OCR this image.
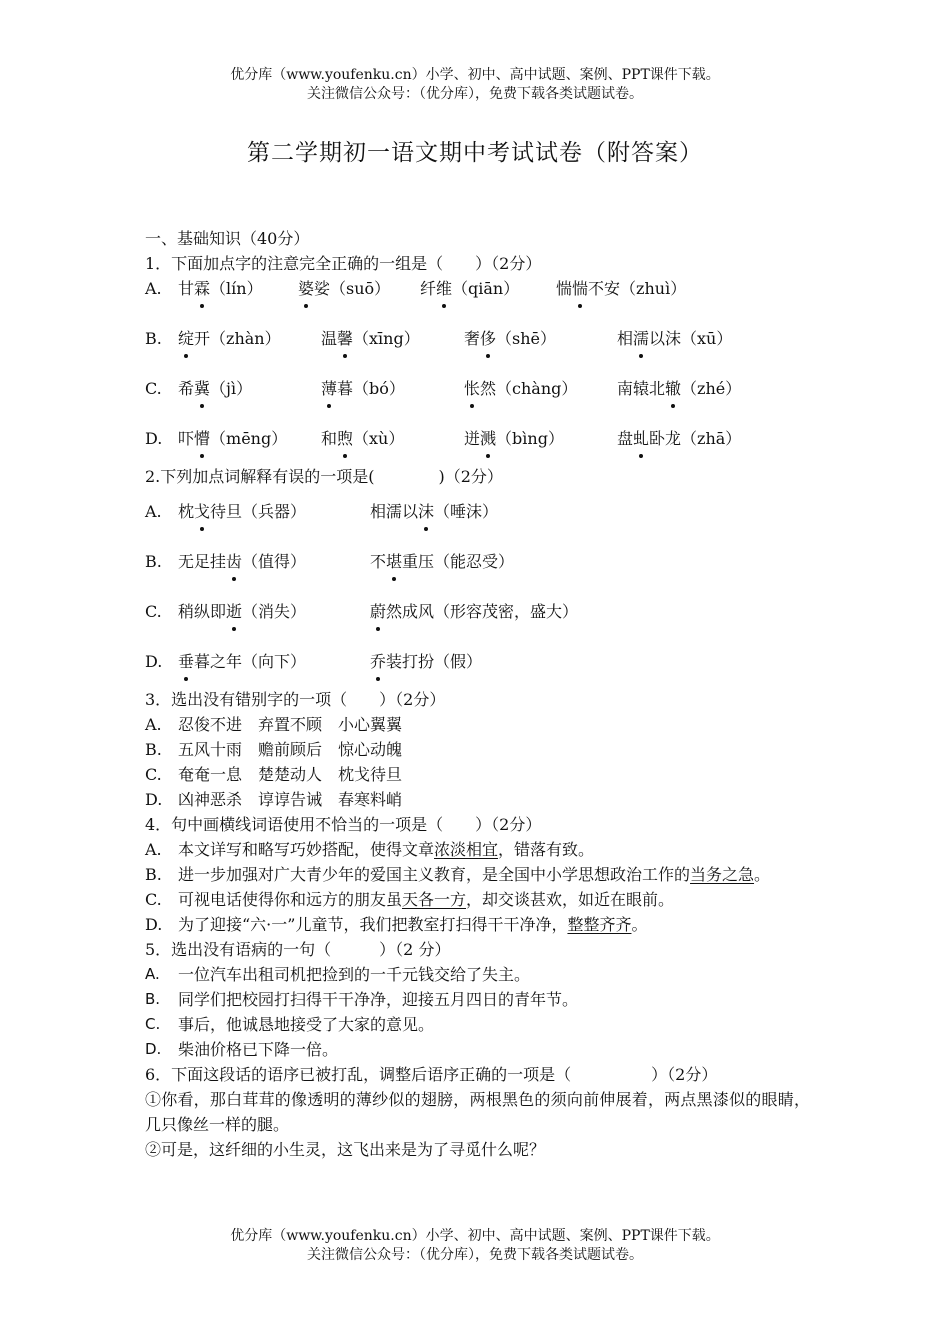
优分库（www.youfenku.cn）小学、初中、高中试题、案例、PPT课件下载。
关注微信公众号：（优分库），免费下载各类试题试卷。
第二学期初一语文期中考试试卷（附答案）
一、基础知识（40分）
1．下面加点字的注意完全正确的一组是（　　）（2分）
A.	甘霖（lín）	婆娑（suō）	纤维（qiān）	惴惴不安（zhuì）
B.	绽开（zhàn）	温馨（xīng）	奢侈（shē）	相濡以沫（xū）
C.	希冀（jì）	薄暮（bó）	怅然（chàng）	南辕北辙（zhé）
D. 吓懵（mēng）	和煦（xù）	迸溅（bìng）	盘虬卧龙（zhā）
2.下列加点词解释有误的一项是(　　　　)（2分）
A.	枕戈待旦（兵器）	相濡以沫（唾沫）
B.	无足挂齿（值得）	不堪重压（能忍受）
C.	稍纵即逝（消失）	蔚然成风（形容茂密，盛大）
D. 垂暮之年（向下）	乔装打扮（假）
3．选出没有错别字的一项（　　）（2分）
A.	忍俊不进　弃置不顾　小心翼翼
B.	五风十雨　赡前顾后　惊心动魄
C.	奄奄一息　楚楚动人　枕戈待旦
D. 凶神恶杀　谆谆告诫　春寒料峭
4．句中画横线词语使用不恰当的一项是（　　）（2分）
A.	本文详写和略写巧妙搭配，使得文章浓淡相宜，错落有致。
B.	进一步加强对广大青少年的爱国主义教育，是全国中小学思想政治工作的当务之急。
C.	可视电话使得你和远方的朋友虽天各一方，却交谈甚欢，如近在眼前。
D. 为了迎接“六·一”儿童节，我们把教室打扫得干干净净，整整齐齐。
5．选出没有语病的一句（　　　）（2 分）
A.	一位汽车出租司机把捡到的一千元钱交给了失主。
B.	同学们把校园打扫得干干净净，迎接五月四日的青年节。
C.	事后，他诚恳地接受了大家的意见。
D.	柴油价格已下降一倍。
6．下面这段话的语序已被打乱，调整后语序正确的一项是（　　　　　）（2分）
①你看，那白茸茸的像透明的薄纱似的翅膀，两根黑色的须向前伸展着，两点黑漆似的眼睛，几只像丝一样的腿。
②可是，这纤细的小生灵，这飞出来是为了寻觅什么呢？
优分库（www.youfenku.cn）小学、初中、高中试题、案例、PPT课件下载。
关注微信公众号：（优分库），免费下载各类试题试卷。
